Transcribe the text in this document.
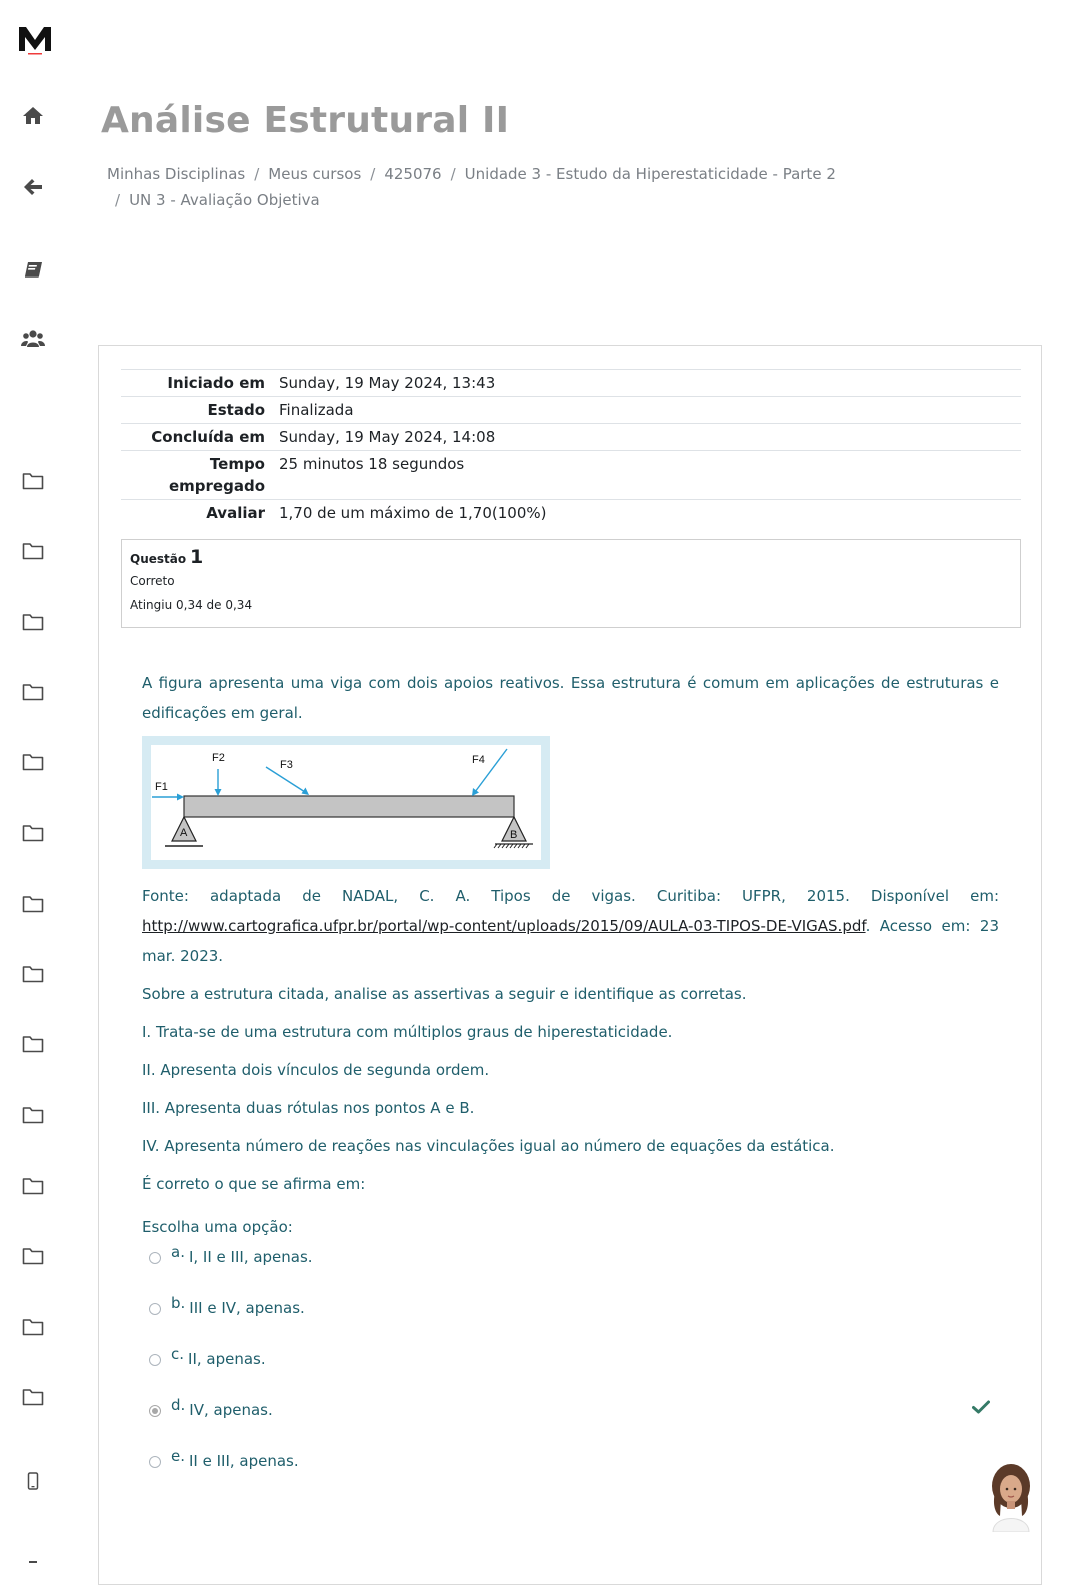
Análise Estrutural II
Minhas Disciplinas / Meus cursos / 425076 / Unidade 3 - Estudo da Hiperestaticidade - Parte 2
/ UN 3 - Avaliação Objetiva
Iniciado em	Sunday, 19 May 2024, 13:43
Estado	Finalizada
Concluída em	Sunday, 19 May 2024, 14:08
Tempo empregado	25 minutos 18 segundos
Avaliar	1,70 de um máximo de 1,70(100%)
Questão 1
Correto
Atingiu 0,34 de 0,34

A figura apresenta uma viga com dois apoios reativos. Essa estrutura é comum em aplicações de estruturas e edificações em geral.

F1
F2
F3	F4
A	B

Fonte: adaptada de NADAL, C. A. Tipos de vigas. Curitiba: UFPR, 2015. Disponível em: http://www.cartografica.ufpr.br/portal/wp-content/uploads/2015/09/AULA-03-TIPOS-DE-VIGAS.pdf. Acesso em: 23 mar. 2023.

Sobre a estrutura citada, analise as assertivas a seguir e identifique as corretas.

I. Trata-se de uma estrutura com múltiplos graus de hiperestaticidade.

II. Apresenta dois vínculos de segunda ordem.

III. Apresenta duas rótulas nos pontos A e B.

IV. Apresenta número de reações nas vinculações igual ao número de equações da estática.

É correto o que se afirma em:

Escolha uma opção:
a. I, II e III, apenas.
b. III e IV, apenas.
c. II, apenas.
d. IV, apenas.
e. II e III, apenas.
